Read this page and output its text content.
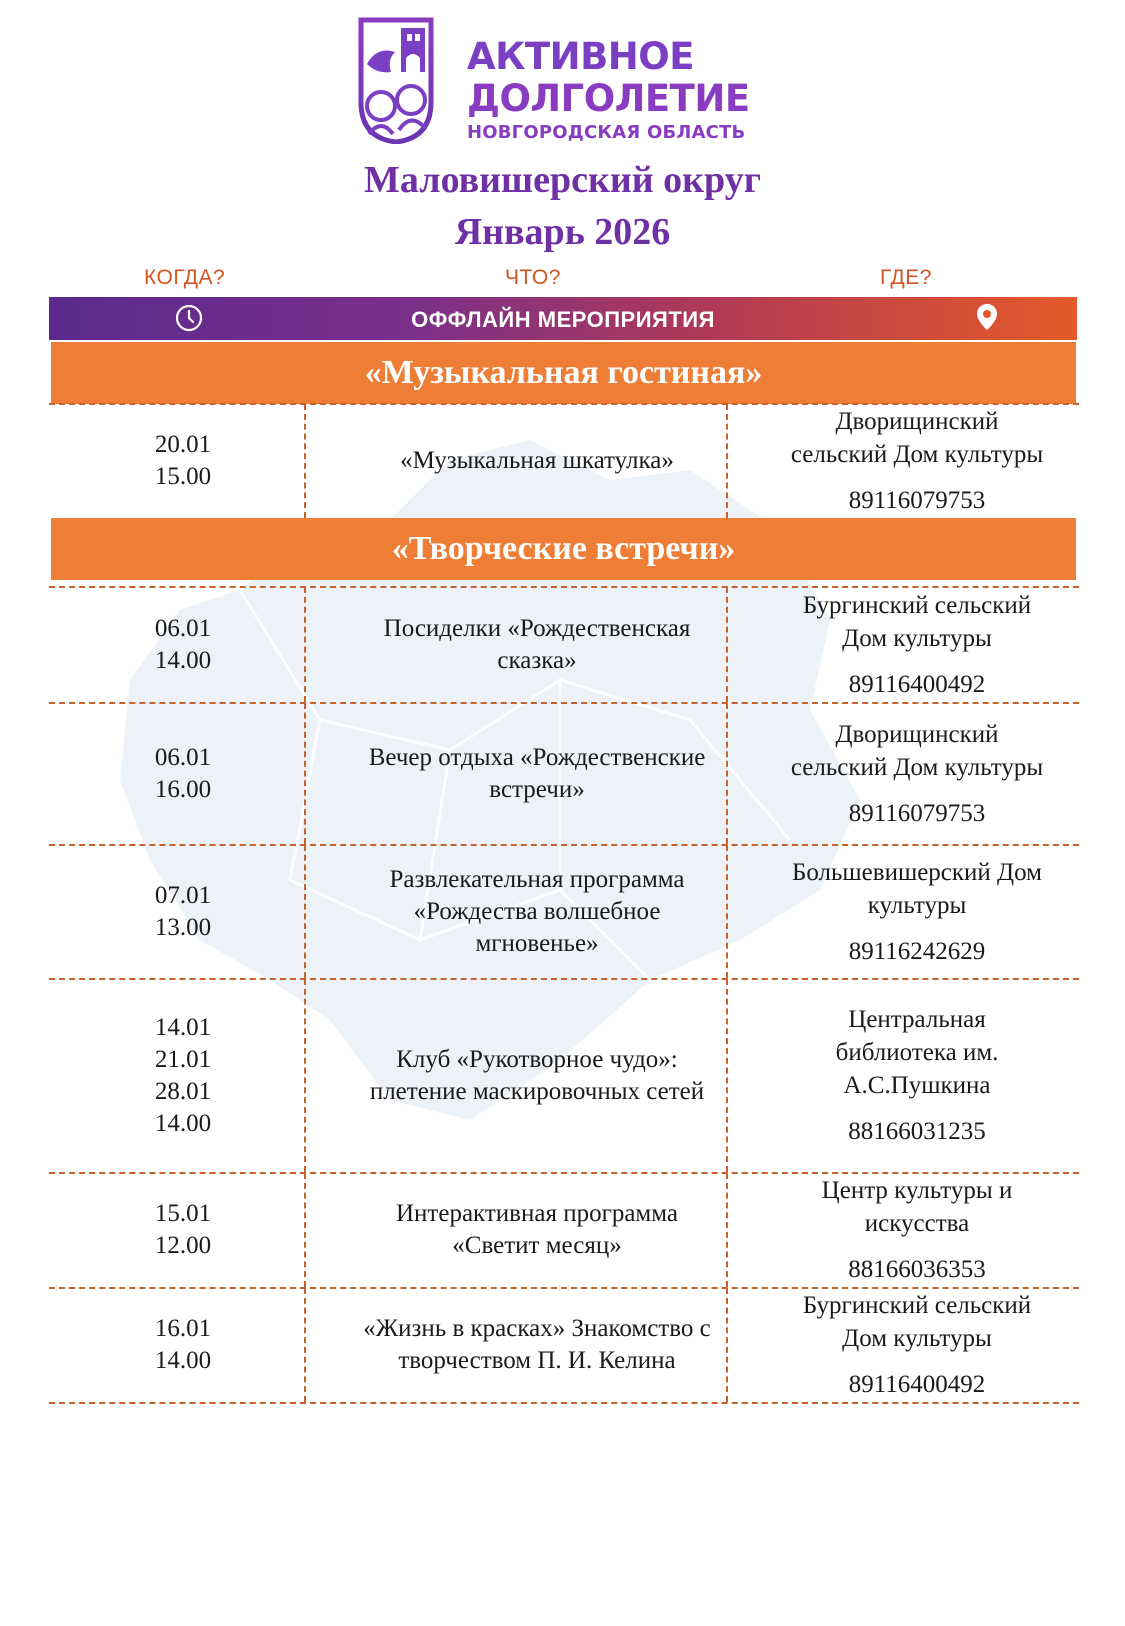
АКТИВНОЕ
ДОЛГОЛЕТИЕ
НОВГОРОДСКАЯ ОБЛАСТЬ
Маловишерский округ
Январь 2026
КОГДА?	ЧТО?	ГДЕ?
ОФФЛАЙН МЕРОПРИЯТИЯ
«Музыкальная гостиная»
20.01
15.00
«Музыкальная шкатулка»
Дворищинский
сельский Дом культуры
89116079753
«Творческие встречи»
06.01
14.00
Посиделки «Рождественская
сказка»
Бургинский сельский
Дом культуры
89116400492
06.01
16.00
Вечер отдыха «Рождественские
встречи»
Дворищинский
сельский Дом культуры
89116079753
07.01
13.00
Развлекательная программа
«Рождества волшебное
мгновенье»
Большевишерский Дом
культуры
89116242629
14.01
21.01
28.01
14.00
Клуб «Рукотворное чудо»:
плетение маскировочных сетей
Центральная
библиотека им.
А.С.Пушкина
88166031235
15.01
12.00
Интерактивная программа
«Светит месяц»
Центр культуры и
искусства
88166036353
16.01
14.00
«Жизнь в красках» Знакомство с
творчеством П. И. Келина
Бургинский сельский
Дом культуры
89116400492
